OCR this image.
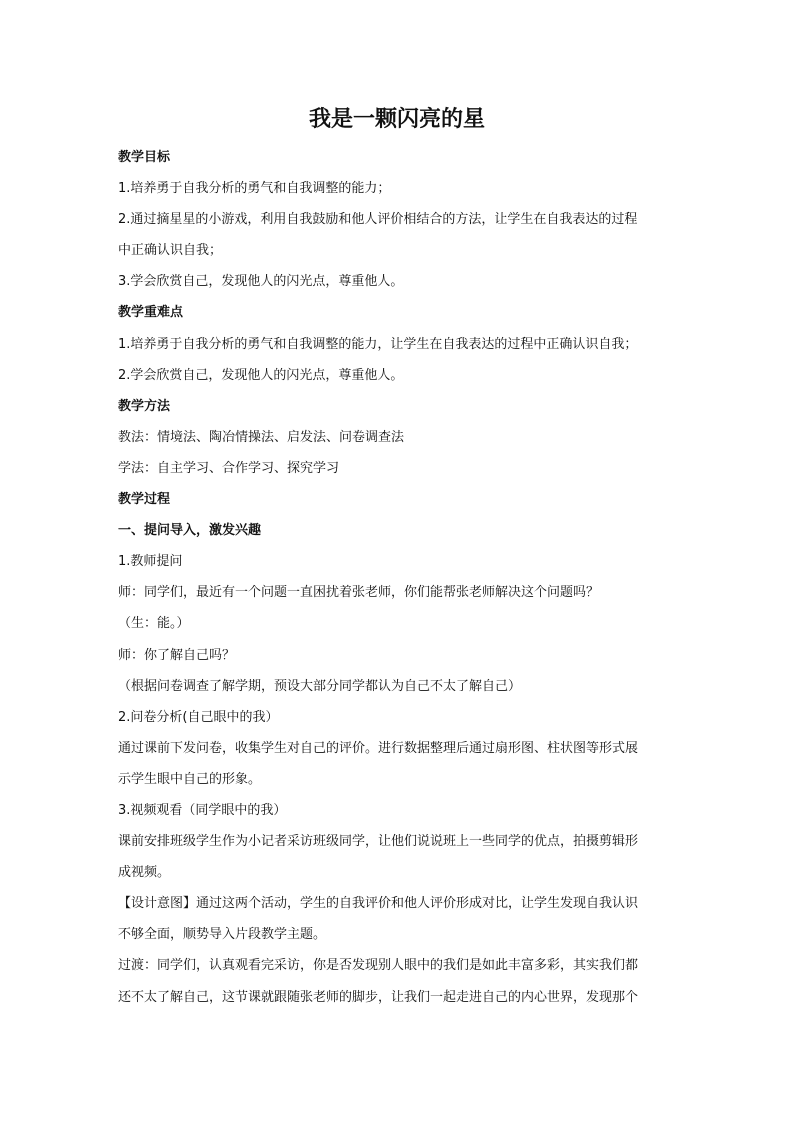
我是一颗闪亮的星
教学目标
1.培养勇于自我分析的勇气和自我调整的能力；
2.通过摘星星的小游戏，利用自我鼓励和他人评价相结合的方法，让学生在自我表达的过程
中正确认识自我；
3.学会欣赏自己，发现他人的闪光点，尊重他人。
教学重难点
1.培养勇于自我分析的勇气和自我调整的能力，让学生在自我表达的过程中正确认识自我；
2.学会欣赏自己，发现他人的闪光点，尊重他人。
教学方法
教法：情境法、陶冶情操法、启发法、问卷调查法
学法：自主学习、合作学习、探究学习
教学过程
一、提问导入，激发兴趣
1.教师提问
师：同学们，最近有一个问题一直困扰着张老师，你们能帮张老师解决这个问题吗？
（生：能。）
师：你了解自己吗？
（根据问卷调查了解学期，预设大部分同学都认为自己不太了解自己）
2.问卷分析(自己眼中的我）
通过课前下发问卷，收集学生对自己的评价。进行数据整理后通过扇形图、柱状图等形式展
示学生眼中自己的形象。
3.视频观看（同学眼中的我）
课前安排班级学生作为小记者采访班级同学，让他们说说班上一些同学的优点，拍摄剪辑形
成视频。
【设计意图】通过这两个活动，学生的自我评价和他人评价形成对比，让学生发现自我认识
不够全面，顺势导入片段教学主题。
过渡：同学们，认真观看完采访，你是否发现别人眼中的我们是如此丰富多彩，其实我们都
还不太了解自己，这节课就跟随张老师的脚步，让我们一起走进自己的内心世界，发现那个
